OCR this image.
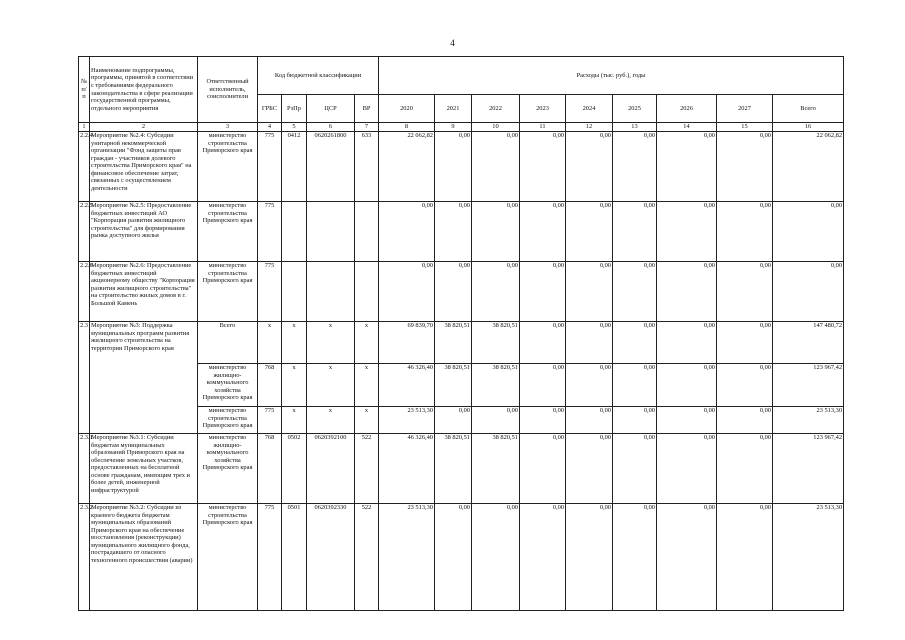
4
№ п/п	Наименование подпрограммы, программы, принятой в соответствии с требованиями федерального законодательства в сфере реализации государственной программы, отдельного мероприятия	Ответственный исполнитель, соисполнители	Код бюджетной классификации				Расходы (тыс. руб.), годы								
			ГРБС	РзПр	ЦСР	ВР	2020	2021	2022	2023	2024	2025	2026	2027	Всего
1	2	3	4	5	6	7	8	9	10	11	12	13	14	15	16
2.2.4	Мероприятие №2.4: Субсидии унитарной некоммерческой организации "Фонд защиты прав граждан - участников долевого строительства Приморского края" на финансовое обеспечение затрат, связанных с осуществлением деятельности	министерство строительства Приморского края	775	0412	0620261800	633	22 062,82	0,00	0,00	0,00	0,00	0,00	0,00	0,00	22 062,82
2.2.5	Мероприятие №2.5: Предоставление бюджетных инвестиций АО "Корпорация развития жилищного строительства" для формирования рынка доступного жилья	министерство строительства Приморского края	775				0,00	0,00	0,00	0,00	0,00	0,00	0,00	0,00	0,00
2.2.6	Мероприятие №2.6: Предоставление бюджетных инвестиций акционерному обществу "Корпорация развития жилищного строительства" на строительство жилых домов в г. Большой Камень	министерство строительства Приморского края	775				0,00	0,00	0,00	0,00	0,00	0,00	0,00	0,00	0,00
2.3	Мероприятие №3: Поддержка муниципальных программ развития жилищного строительства на территории Приморского края	Всего	x	x	x	x	69 839,70	38 820,51	38 820,51	0,00	0,00	0,00	0,00	0,00	147 480,72
		министерство жилищно-коммунального хозяйства Приморского края	768	x	x	x	46 326,40	38 820,51	38 820,51	0,00	0,00	0,00	0,00	0,00	123 967,42
		министерство строительства Приморского края	775	x	x	x	23 513,30	0,00	0,00	0,00	0,00	0,00	0,00	0,00	23 513,30
2.3.1	Мероприятие №3.1: Субсидии бюджетам муниципальных образований Приморского края на обеспечение земельных участков, предоставленных на бесплатной основе гражданам, имеющим трех и более детей, инженерной инфраструктурой	министерство жилищно-коммунального хозяйства Приморского края	768	0502	0620392100	522	46 326,40	38 820,51	38 820,51	0,00	0,00	0,00	0,00	0,00	123 967,42
2.3.2	Мероприятие №3.2: Субсидии из краевого бюджета бюджетам муниципальных образований Приморского края на обеспечение восстановления (реконструкции) муниципального жилищного фонда, пострадавшего от опасного техногенного происшествия (аварии)	министерство строительства Приморского края	775	0501	0620392330	522	23 513,30	0,00	0,00	0,00	0,00	0,00	0,00	0,00	23 513,30
